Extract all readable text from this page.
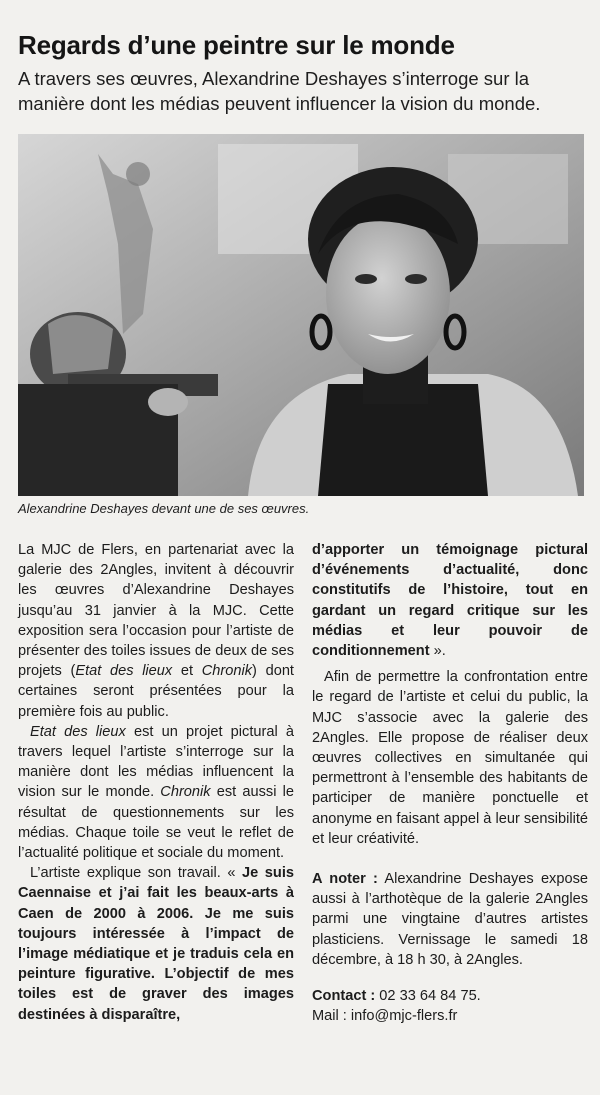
Regards d’une peintre sur le monde

A travers ses œuvres, Alexandrine Deshayes s’interroge sur la manière dont les médias peuvent influencer la vision du monde.

Alexandrine Deshayes devant une de ses œuvres.

La MJC de Flers, en partenariat avec la galerie des 2Angles, invitent à découvrir les œuvres d’Alexandrine Deshayes jusqu’au 31 janvier à la MJC. Cette exposition sera l’occasion pour l’artiste de présenter des toiles issues de deux de ses projets (Etat des lieux et Chronik) dont certaines seront présentées pour la première fois au public.

Etat des lieux est un projet pictural à travers lequel l’artiste s’interroge sur la manière dont les médias influencent la vision sur le monde. Chronik est aussi le résultat de questionnements sur les médias. Chaque toile se veut le reflet de l’actualité politique et sociale du moment.

L’artiste explique son travail. « Je suis Caennaise et j’ai fait les beaux-arts à Caen de 2000 à 2006. Je me suis toujours intéressée à l’impact de l’image médiatique et je traduis cela en peinture figurative. L’objectif de mes toiles est de graver des images destinées à disparaître,

d’apporter un témoignage pictural d’événements d’actualité, donc constitutifs de l’histoire, tout en gardant un regard critique sur les médias et leur pouvoir de conditionnement ».

Afin de permettre la confrontation entre le regard de l’artiste et celui du public, la MJC s’associe avec la galerie des 2Angles. Elle propose de réaliser deux œuvres collectives en simultanée qui permettront à l’ensemble des habitants de participer de manière ponctuelle et anonyme en faisant appel à leur sensibilité et leur créativité.

A noter : Alexandrine Deshayes expose aussi à l’arthotèque de la galerie 2Angles parmi une vingtaine d’autres artistes plasticiens. Vernissage le samedi 18 décembre, à 18 h 30, à 2Angles.

Contact : 02 33 64 84 75.

Mail : info@mjc-flers.fr
